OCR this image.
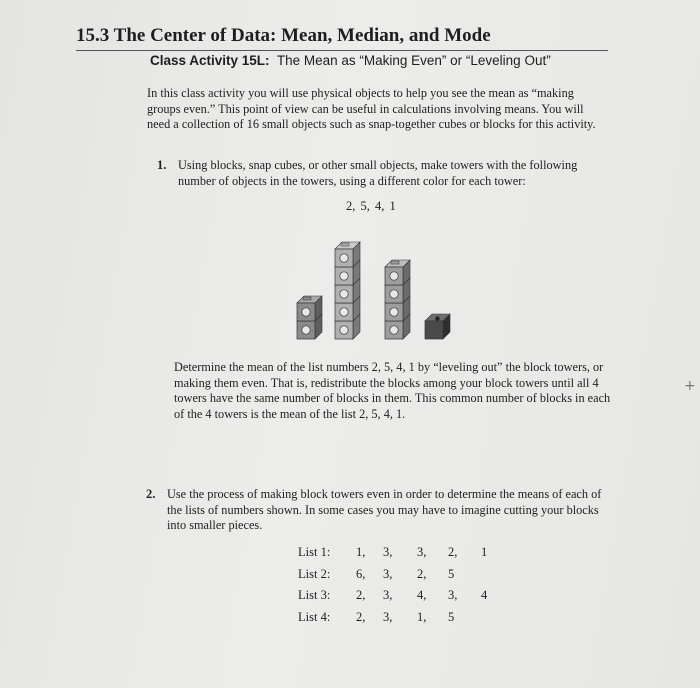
15.3 The Center of Data: Mean, Median, and Mode
Class Activity 15L: The Mean as “Making Even” or “Leveling Out”
In this class activity you will use physical objects to help you see the mean as “making groups even.” This point of view can be useful in calculations involving means. You will need a collection of 16 small objects such as snap-together cubes or blocks for this activity.
1. Using blocks, snap cubes, or other small objects, make towers with the following number of objects in the towers, using a different color for each tower:
2, 5, 4, 1
Determine the mean of the list numbers 2, 5, 4, 1 by “leveling out” the block towers, or making them even. That is, redistribute the blocks among your block towers until all 4 towers have the same number of blocks in them. This common number of blocks in each of the 4 towers is the mean of the list 2, 5, 4, 1.
2. Use the process of making block towers even in order to determine the means of each of the lists of numbers shown. In some cases you may have to imagine cutting your blocks into smaller pieces.
List 1: 1, 3, 3, 2, 1
List 2: 6, 3, 2, 5
List 3: 2, 3, 4, 3, 4
List 4: 2, 3, 1, 5
+
